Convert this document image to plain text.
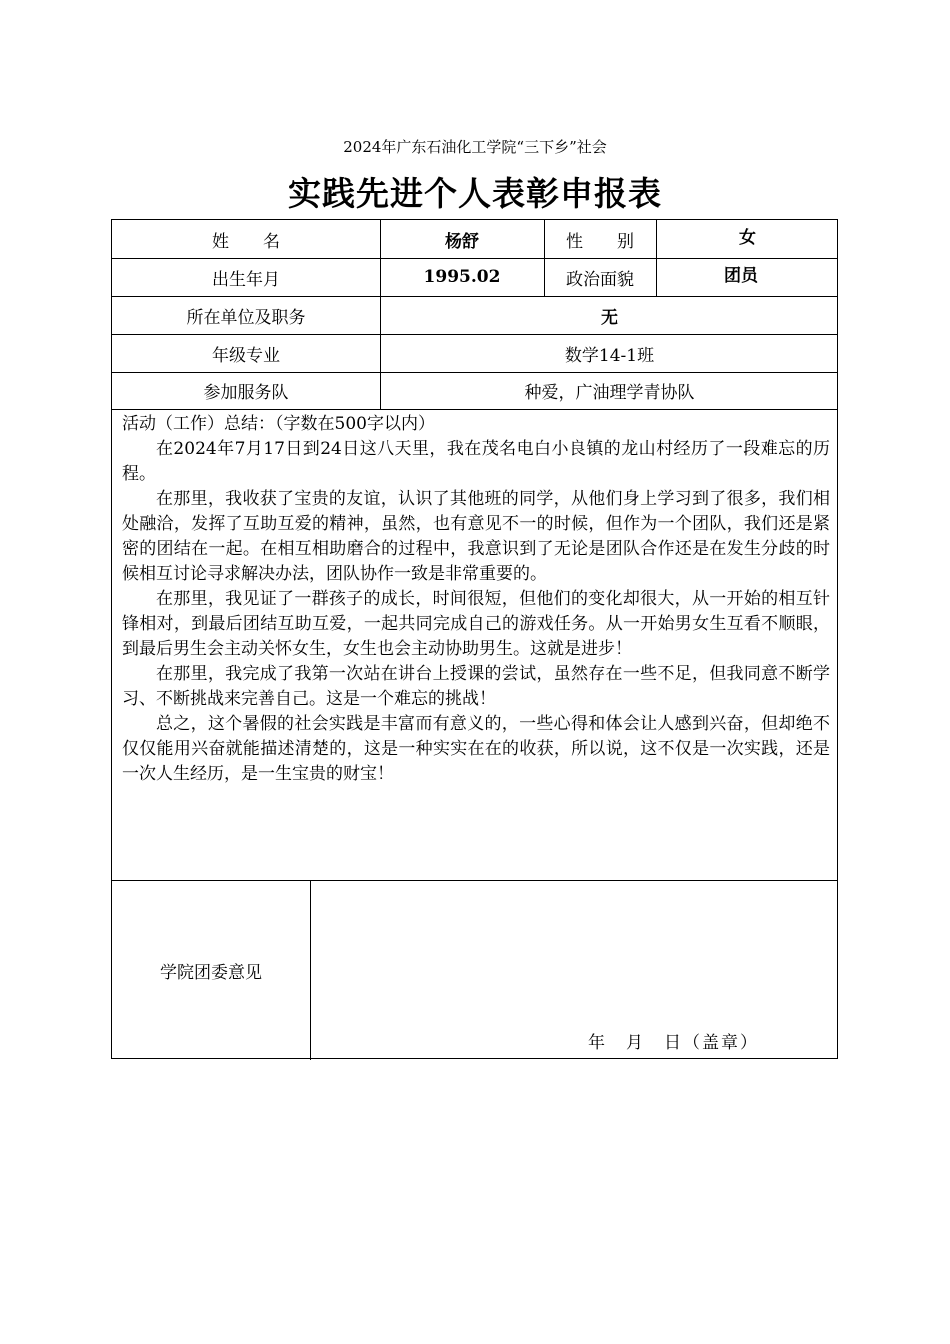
2024年广东石油化工学院“三下乡”社会
实践先进个人表彰申报表
姓　　名	杨舒	性　　别	女
出生年月	1995.02	政治面貌	团员
所在单位及职务	无
年级专业	数学14-1班
参加服务队	种爱，广油理学青协队

活动（工作）总结：（字数在500字以内）

在2024年7月17日到24日这八天里，我在茂名电白小良镇的龙山村经历了一段难忘的历程。

在那里，我收获了宝贵的友谊，认识了其他班的同学，从他们身上学习到了很多，我们相处融洽，发挥了互助互爱的精神，虽然，也有意见不一的时候，但作为一个团队，我们还是紧密的团结在一起。在相互相助磨合的过程中，我意识到了无论是团队合作还是在发生分歧的时候相互讨论寻求解决办法，团队协作一致是非常重要的。

在那里，我见证了一群孩子的成长，时间很短，但他们的变化却很大，从一开始的相互针锋相对，到最后团结互助互爱，一起共同完成自己的游戏任务。从一开始男女生互看不顺眼，到最后男生会主动关怀女生，女生也会主动协助男生。这就是进步！

在那里，我完成了我第一次站在讲台上授课的尝试，虽然存在一些不足，但我同意不断学习、不断挑战来完善自己。这是一个难忘的挑战！

总之，这个暑假的社会实践是丰富而有意义的，一些心得和体会让人感到兴奋，但却绝不仅仅能用兴奋就能描述清楚的，这是一种实实在在的收获，所以说，这不仅是一次实践，还是一次人生经历，是一生宝贵的财宝！

学院团委意见
年　月　日（盖章）
